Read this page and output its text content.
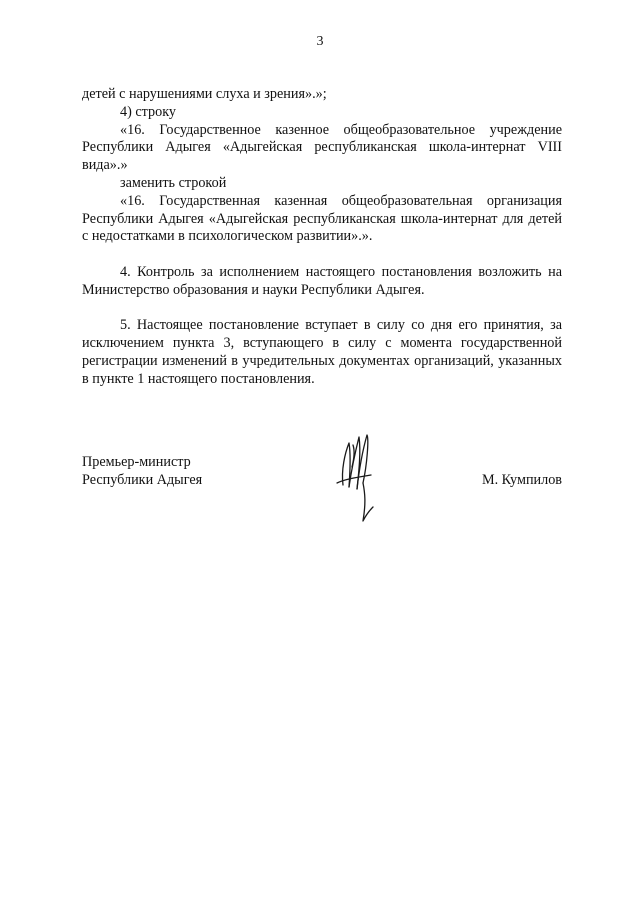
3

детей с нарушениями слуха и зрения».»;

4) строку

«16. Государственное казенное общеобразовательное учреждение Республики Адыгея «Адыгейская республиканская школа-интернат VIII вида».»

заменить строкой

«16. Государственная казенная общеобразовательная организация Республики Адыгея «Адыгейская республиканская школа-интернат для детей с недостатками в психологическом развитии».».

4. Контроль за исполнением настоящего постановления возложить на Министерство образования и науки Республики Адыгея.

5. Настоящее постановление вступает в силу со дня его принятия, за исключением пункта 3, вступающего в силу с момента государственной регистрации изменений в учредительных документах организаций, указанных в пункте 1 настоящего постановления.

Премьер-министр
Республики Адыгея	М. Кумпилов
